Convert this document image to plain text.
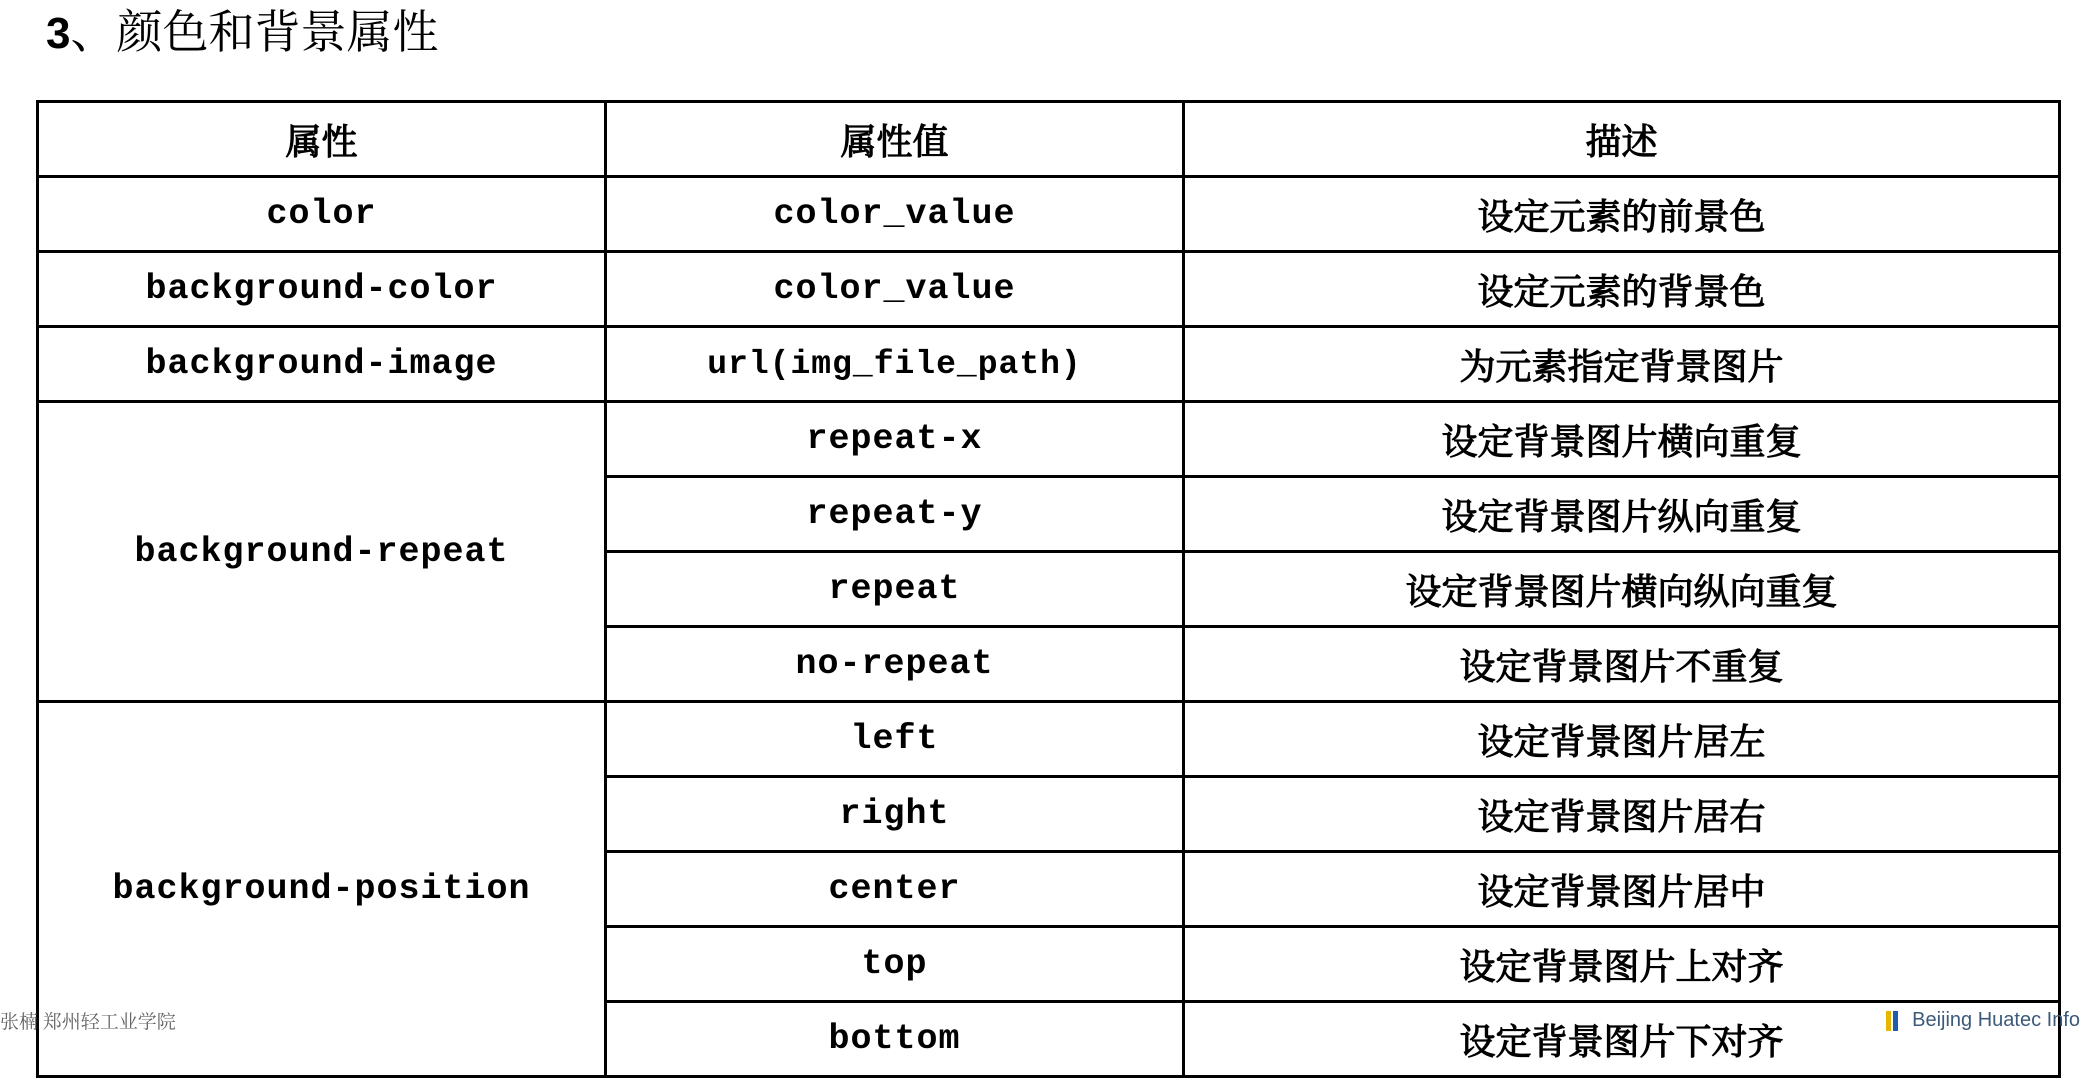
3、颜色和背景属性
属性	属性值	描述
color	color_value	设定元素的前景色
background-color	color_value	设定元素的背景色
background-image	url(img_file_path)	为元素指定背景图片
background-repeat	repeat-x	设定背景图片横向重复
	repeat-y	设定背景图片纵向重复
	repeat	设定背景图片横向纵向重复
	no-repeat	设定背景图片不重复
background-position	left	设定背景图片居左
	right	设定背景图片居右
	center	设定背景图片居中
	top	设定背景图片上对齐
	bottom	设定背景图片下对齐
张楠 郑州轻工业学院	Beijing Huatec Info
